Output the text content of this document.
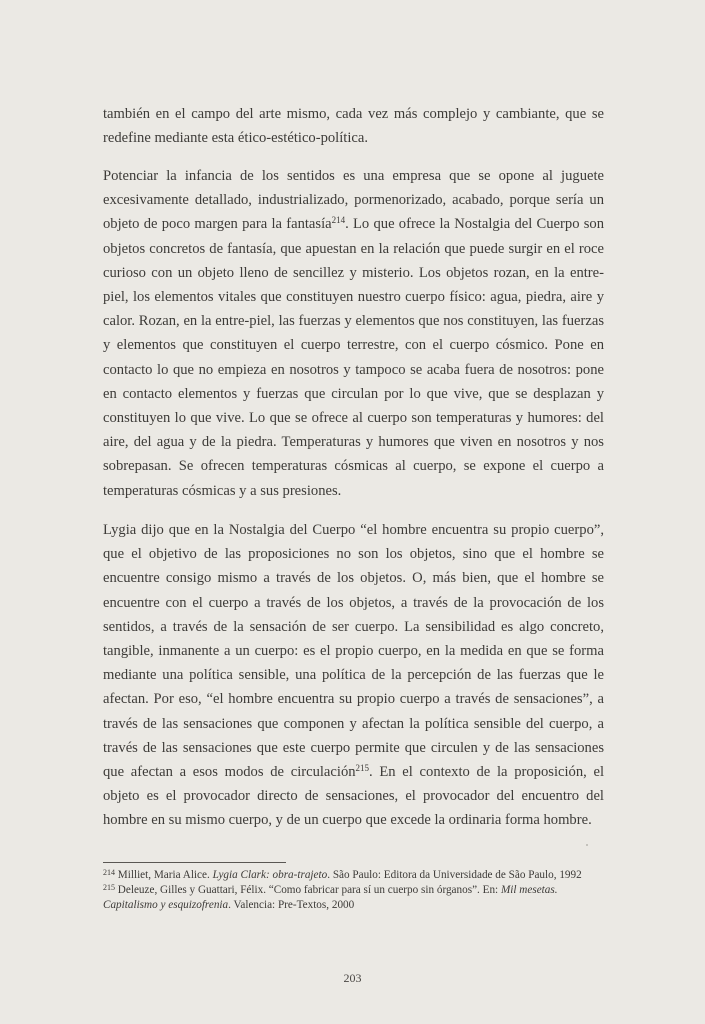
también en el campo del arte mismo, cada vez más complejo y cambiante, que se redefine mediante esta ético-estético-política.

Potenciar la infancia de los sentidos es una empresa que se opone al juguete excesivamente detallado, industrializado, pormenorizado, acabado, porque sería un objeto de poco margen para la fantasía$^{214}$. Lo que ofrece la Nostalgia del Cuerpo son objetos concretos de fantasía, que apuestan en la relación que puede surgir en el roce curioso con un objeto lleno de sencillez y misterio. Los objetos rozan, en la entre-piel, los elementos vitales que constituyen nuestro cuerpo físico: agua, piedra, aire y calor. Rozan, en la entre-piel, las fuerzas y elementos que nos constituyen, las fuerzas y elementos que constituyen el cuerpo terrestre, con el cuerpo cósmico. Pone en contacto lo que no empieza en nosotros y tampoco se acaba fuera de nosotros: pone en contacto elementos y fuerzas que circulan por lo que vive, que se desplazan y constituyen lo que vive. Lo que se ofrece al cuerpo son temperaturas y humores: del aire, del agua y de la piedra. Temperaturas y humores que viven en nosotros y nos sobrepasan. Se ofrecen temperaturas cósmicas al cuerpo, se expone el cuerpo a temperaturas cósmicas y a sus presiones.

Lygia dijo que en la Nostalgia del Cuerpo “el hombre encuentra su propio cuerpo”, que el objetivo de las proposiciones no son los objetos, sino que el hombre se encuentre consigo mismo a través de los objetos. O, más bien, que el hombre se encuentre con el cuerpo a través de los objetos, a través de la provocación de los sentidos, a través de la sensación de ser cuerpo. La sensibilidad es algo concreto, tangible, inmanente a un cuerpo: es el propio cuerpo, en la medida en que se forma mediante una política sensible, una política de la percepción de las fuerzas que le afectan. Por eso, “el hombre encuentra su propio cuerpo a través de sensaciones”, a través de las sensaciones que componen y afectan la política sensible del cuerpo, a través de las sensaciones que este cuerpo permite que circulen y de las sensaciones que afectan a esos modos de circulación$^{215}$. En el contexto de la proposición, el objeto es el provocador directo de sensaciones, el provocador del encuentro del hombre en su mismo cuerpo, y de un cuerpo que excede la ordinaria forma hombre.

$^{214}$ Milliet, Maria Alice. Lygia Clark: obra-trajeto. São Paulo: Editora da Universidade de São Paulo, 1992

$^{215}$ Deleuze, Gilles y Guattari, Félix. “Como fabricar para sí un cuerpo sin órganos”. En: Mil mesetas. Capitalismo y esquizofrenia. Valencia: Pre-Textos, 2000

203
